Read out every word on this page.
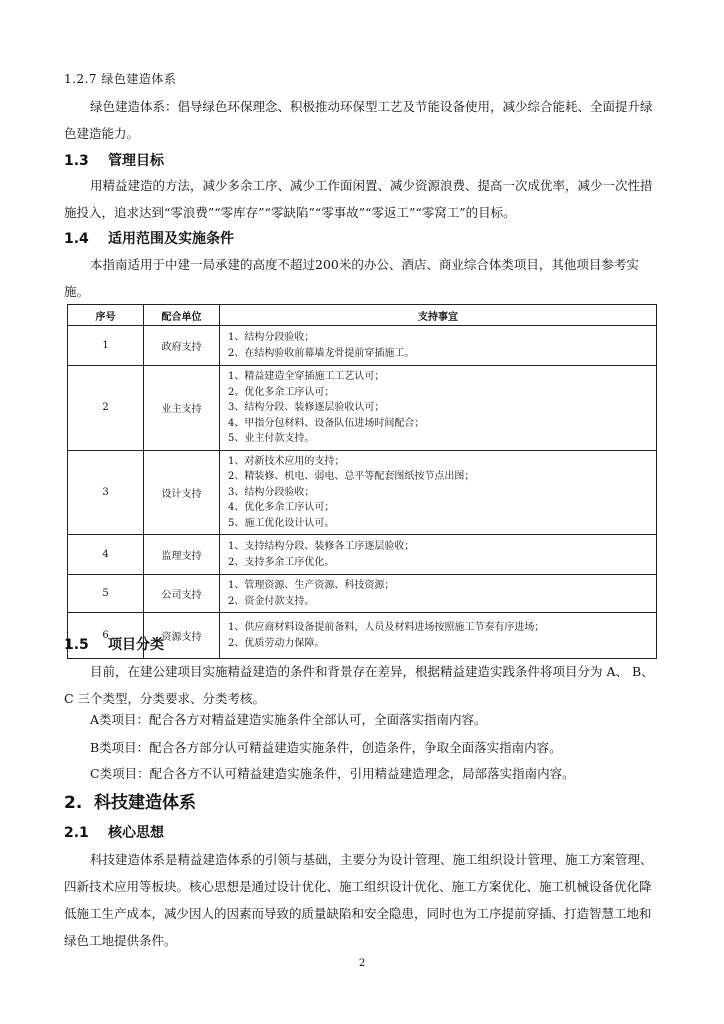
1.2.7 绿色建造体系

绿色建造体系：倡导绿色环保理念、积极推动环保型工艺及节能设备使用，减少综合能耗、全面提升绿色建造能力。

1.3 管理目标

用精益建造的方法，减少多余工序、减少工作面闲置、减少资源浪费、提高一次成优率，减少一次性措施投入，追求达到“零浪费”“零库存”“零缺陷”“零事故”“零返工”“零窝工”的目标。

1.4 适用范围及实施条件

本指南适用于中建一局承建的高度不超过200米的办公、酒店、商业综合体类项目，其他项目参考实施。

序号	配合单位	支持事宜
1	政府支持	1、结构分段验收；
2、在结构验收前幕墙龙骨提前穿插施工。

2	业主支持	1、精益建造全穿插施工工艺认可；
2、优化多余工序认可；
3、结构分段、装修逐层验收认可；
4、甲指分包材料、设备队伍进场时间配合；
5、业主付款支持。

3	设计支持	1、对新技术应用的支持；
2、精装修、机电、弱电、总平等配套图纸按节点出图；
3、结构分段验收；
4、优化多余工序认可；
5、施工优化设计认可。

4	监理支持	1、支持结构分段、装修各工序逐层验收；
2、支持多余工序优化。

5	公司支持	1、管理资源、生产资源、科技资源；
2、资金付款支持。

6	资源支持	1、供应商材料设备提前备料，人员及材料进场按照施工节奏有序进场；
2、优质劳动力保障。
1.5 项目分类

目前，在建公建项目实施精益建造的条件和背景存在差异，根据精益建造实践条件将项目分为 A、 B、 C 三个类型，分类要求、分类考核。

A类项目：配合各方对精益建造实施条件全部认可，全面落实指南内容。

B类项目：配合各方部分认可精益建造实施条件，创造条件，争取全面落实指南内容。

C类项目：配合各方不认可精益建造实施条件，引用精益建造理念，局部落实指南内容。

2. 科技建造体系
2.1 核心思想

科技建造体系是精益建造体系的引领与基础，主要分为设计管理、施工组织设计管理、施工方案管理、四新技术应用等板块。核心思想是通过设计优化、施工组织设计优化、施工方案优化、施工机械设备优化降低施工生产成本，减少因人的因素而导致的质量缺陷和安全隐患，同时也为工序提前穿插、打造智慧工地和绿色工地提供条件。

2
